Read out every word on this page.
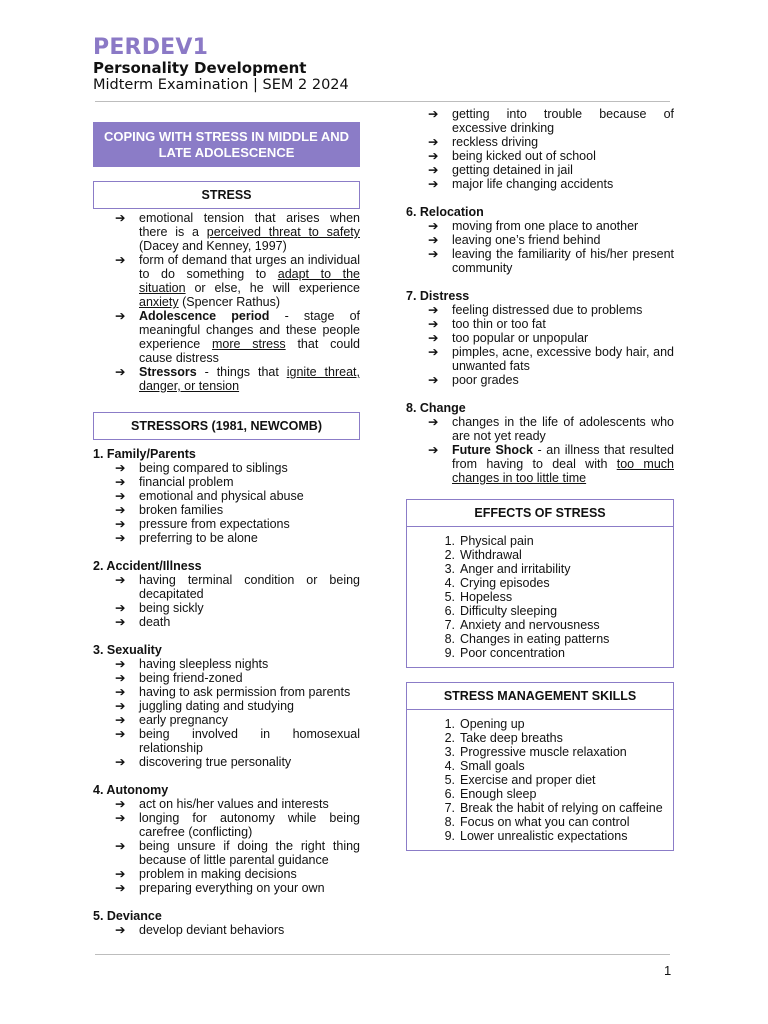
PERDEV1
Personality Development
Midterm Examination | SEM 2 2024
COPING WITH STRESS IN MIDDLE AND LATE ADOLESCENCE
STRESS
➔ emotional tension that arises when there is a perceived threat to safety (Dacey and Kenney, 1997)
➔ form of demand that urges an individual to do something to adapt to the situation or else, he will experience anxiety (Spencer Rathus)
➔ Adolescence period - stage of meaningful changes and these people experience more stress that could cause distress
➔ Stressors - things that ignite threat, danger, or tension
STRESSORS (1981, NEWCOMB)
1. Family/Parents
➔ being compared to siblings
➔ financial problem
➔ emotional and physical abuse
➔ broken families
➔ pressure from expectations
➔ preferring to be alone
2. Accident/Illness
➔ having terminal condition or being decapitated
➔ being sickly
➔ death
3. Sexuality
➔ having sleepless nights
➔ being friend-zoned
➔ having to ask permission from parents
➔ juggling dating and studying
➔ early pregnancy
➔ being involved in homosexual relationship
➔ discovering true personality
4. Autonomy
➔ act on his/her values and interests
➔ longing for autonomy while being carefree (conflicting)
➔ being unsure if doing the right thing because of little parental guidance
➔ problem in making decisions
➔ preparing everything on your own
5. Deviance
➔ develop deviant behaviors
➔ getting into trouble because of excessive drinking
➔ reckless driving
➔ being kicked out of school
➔ getting detained in jail
➔ major life changing accidents
6. Relocation
➔ moving from one place to another
➔ leaving one’s friend behind
➔ leaving the familiarity of his/her present community
7. Distress
➔ feeling distressed due to problems
➔ too thin or too fat
➔ too popular or unpopular
➔ pimples, acne, excessive body hair, and unwanted fats
➔ poor grades
8. Change
➔ changes in the life of adolescents who are not yet ready
➔ Future Shock - an illness that resulted from having to deal with too much changes in too little time
EFFECTS OF STRESS
1. Physical pain
2. Withdrawal
3. Anger and irritability
4. Crying episodes
5. Hopeless
6. Difficulty sleeping
7. Anxiety and nervousness
8. Changes in eating patterns
9. Poor concentration
STRESS MANAGEMENT SKILLS
1. Opening up
2. Take deep breaths
3. Progressive muscle relaxation
4. Small goals
5. Exercise and proper diet
6. Enough sleep
7. Break the habit of relying on caffeine
8. Focus on what you can control
9. Lower unrealistic expectations
1
